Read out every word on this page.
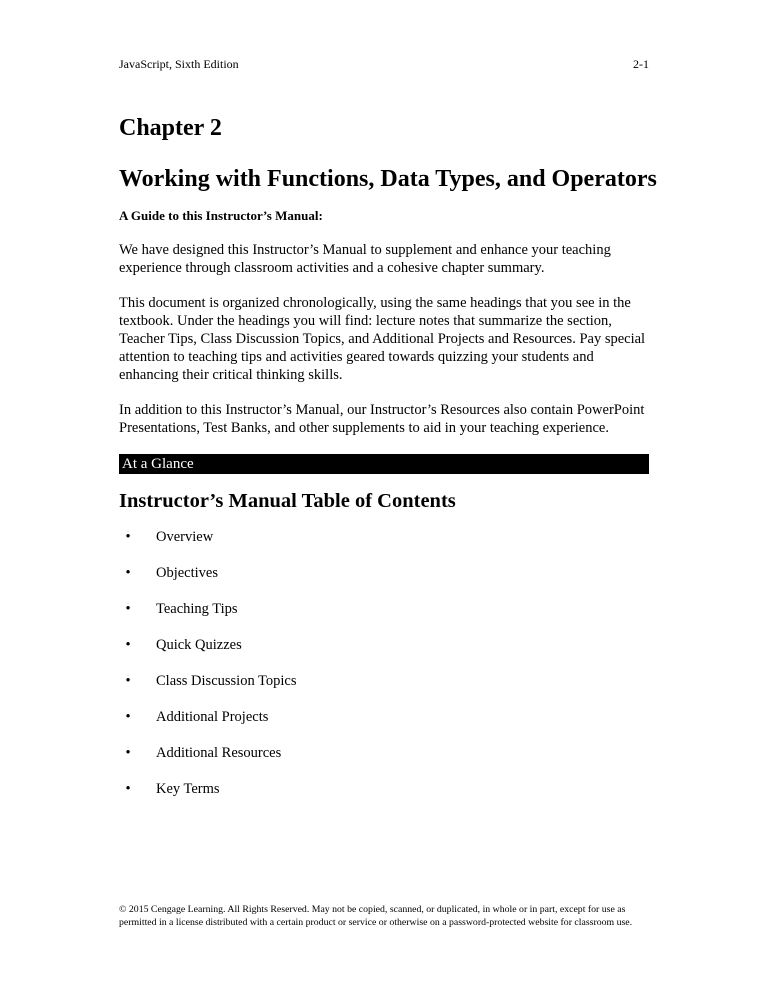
JavaScript, Sixth Edition	2-1
Chapter 2
Working with Functions, Data Types, and Operators
A Guide to this Instructor’s Manual:

We have designed this Instructor’s Manual to supplement and enhance your teaching experience through classroom activities and a cohesive chapter summary.

This document is organized chronologically, using the same headings that you see in the textbook. Under the headings you will find: lecture notes that summarize the section, Teacher Tips, Class Discussion Topics, and Additional Projects and Resources. Pay special attention to teaching tips and activities geared towards quizzing your students and enhancing their critical thinking skills.

In addition to this Instructor’s Manual, our Instructor’s Resources also contain PowerPoint Presentations, Test Banks, and other supplements to aid in your teaching experience.

At a Glance
Instructor’s Manual Table of Contents
• Overview
• Objectives
• Teaching Tips
• Quick Quizzes
• Class Discussion Topics
• Additional Projects
• Additional Resources
• Key Terms
© 2015 Cengage Learning. All Rights Reserved. May not be copied, scanned, or duplicated, in whole or in part, except for use as permitted in a license distributed with a certain product or service or otherwise on a password-protected website for classroom use.
